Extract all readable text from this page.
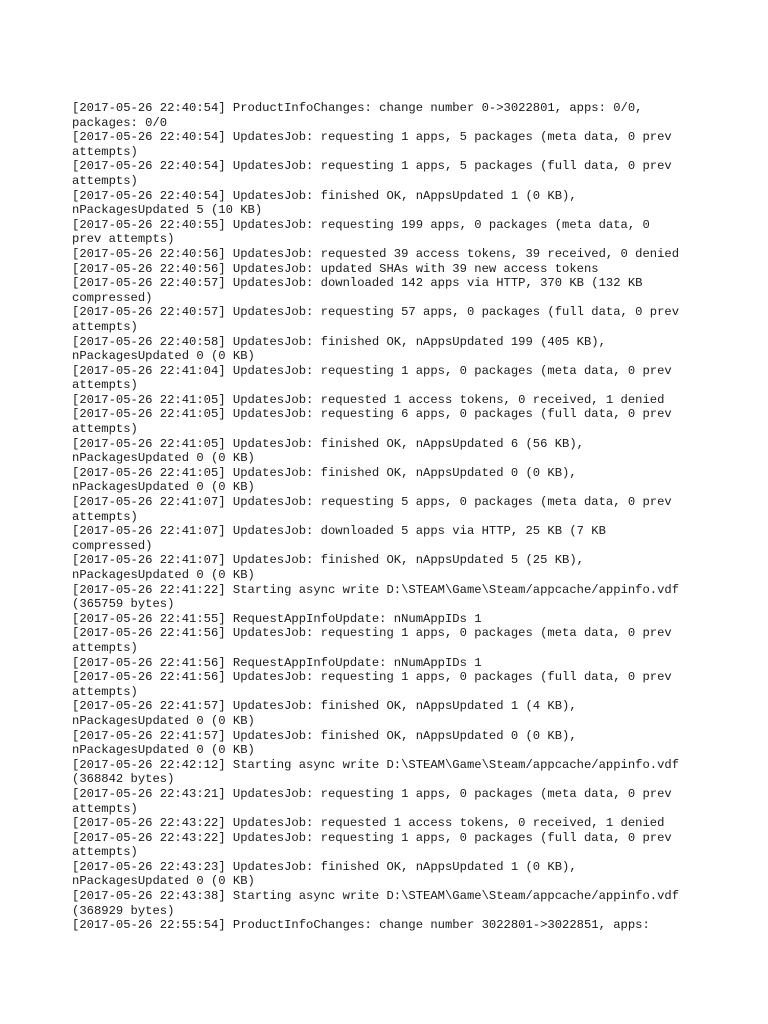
[2017-05-26 22:40:54] ProductInfoChanges: change number 0->3022801, apps: 0/0,
packages: 0/0
[2017-05-26 22:40:54] UpdatesJob: requesting 1 apps, 5 packages (meta data, 0 prev
attempts)
[2017-05-26 22:40:54] UpdatesJob: requesting 1 apps, 5 packages (full data, 0 prev
attempts)
[2017-05-26 22:40:54] UpdatesJob: finished OK, nAppsUpdated 1 (0 KB),
nPackagesUpdated 5 (10 KB)
[2017-05-26 22:40:55] UpdatesJob: requesting 199 apps, 0 packages (meta data, 0
prev attempts)
[2017-05-26 22:40:56] UpdatesJob: requested 39 access tokens, 39 received, 0 denied
[2017-05-26 22:40:56] UpdatesJob: updated SHAs with 39 new access tokens
[2017-05-26 22:40:57] UpdatesJob: downloaded 142 apps via HTTP, 370 KB (132 KB
compressed)
[2017-05-26 22:40:57] UpdatesJob: requesting 57 apps, 0 packages (full data, 0 prev
attempts)
[2017-05-26 22:40:58] UpdatesJob: finished OK, nAppsUpdated 199 (405 KB),
nPackagesUpdated 0 (0 KB)
[2017-05-26 22:41:04] UpdatesJob: requesting 1 apps, 0 packages (meta data, 0 prev
attempts)
[2017-05-26 22:41:05] UpdatesJob: requested 1 access tokens, 0 received, 1 denied
[2017-05-26 22:41:05] UpdatesJob: requesting 6 apps, 0 packages (full data, 0 prev
attempts)
[2017-05-26 22:41:05] UpdatesJob: finished OK, nAppsUpdated 6 (56 KB),
nPackagesUpdated 0 (0 KB)
[2017-05-26 22:41:05] UpdatesJob: finished OK, nAppsUpdated 0 (0 KB),
nPackagesUpdated 0 (0 KB)
[2017-05-26 22:41:07] UpdatesJob: requesting 5 apps, 0 packages (meta data, 0 prev
attempts)
[2017-05-26 22:41:07] UpdatesJob: downloaded 5 apps via HTTP, 25 KB (7 KB
compressed)
[2017-05-26 22:41:07] UpdatesJob: finished OK, nAppsUpdated 5 (25 KB),
nPackagesUpdated 0 (0 KB)
[2017-05-26 22:41:22] Starting async write D:\STEAM\Game\Steam/appcache/appinfo.vdf
(365759 bytes)
[2017-05-26 22:41:55] RequestAppInfoUpdate: nNumAppIDs 1
[2017-05-26 22:41:56] UpdatesJob: requesting 1 apps, 0 packages (meta data, 0 prev
attempts)
[2017-05-26 22:41:56] RequestAppInfoUpdate: nNumAppIDs 1
[2017-05-26 22:41:56] UpdatesJob: requesting 1 apps, 0 packages (full data, 0 prev
attempts)
[2017-05-26 22:41:57] UpdatesJob: finished OK, nAppsUpdated 1 (4 KB),
nPackagesUpdated 0 (0 KB)
[2017-05-26 22:41:57] UpdatesJob: finished OK, nAppsUpdated 0 (0 KB),
nPackagesUpdated 0 (0 KB)
[2017-05-26 22:42:12] Starting async write D:\STEAM\Game\Steam/appcache/appinfo.vdf
(368842 bytes)
[2017-05-26 22:43:21] UpdatesJob: requesting 1 apps, 0 packages (meta data, 0 prev
attempts)
[2017-05-26 22:43:22] UpdatesJob: requested 1 access tokens, 0 received, 1 denied
[2017-05-26 22:43:22] UpdatesJob: requesting 1 apps, 0 packages (full data, 0 prev
attempts)
[2017-05-26 22:43:23] UpdatesJob: finished OK, nAppsUpdated 1 (0 KB),
nPackagesUpdated 0 (0 KB)
[2017-05-26 22:43:38] Starting async write D:\STEAM\Game\Steam/appcache/appinfo.vdf
(368929 bytes)
[2017-05-26 22:55:54] ProductInfoChanges: change number 3022801->3022851, apps:
